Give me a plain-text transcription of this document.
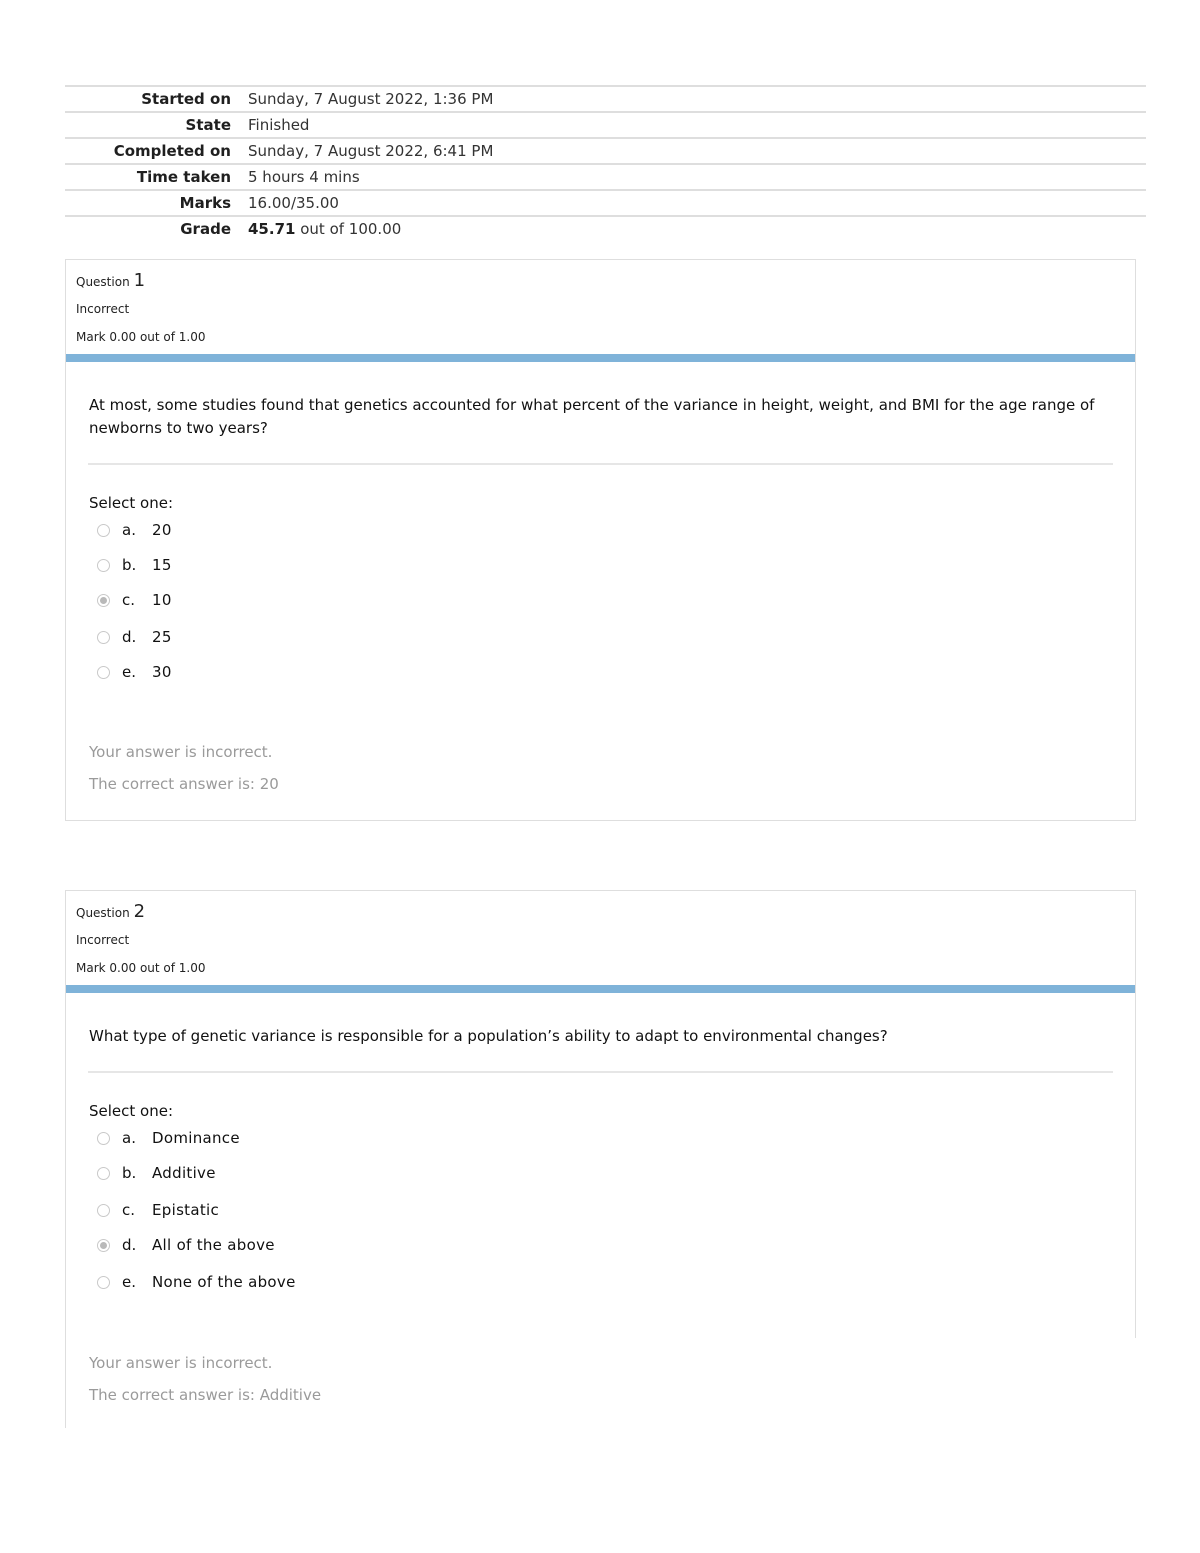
Started on Sunday, 7 August 2022, 1:36 PM
State Finished
Completed on Sunday, 7 August 2022, 6:41 PM
Time taken 5 hours 4 mins
Marks 16.00/35.00
Grade 45.71 out of 100.00
Question 1
Incorrect
Mark 0.00 out of 1.00
At most, some studies found that genetics accounted for what percent of the variance in height, weight, and BMI for the age range of newborns to two years?
Select one:
a.	20
b.	15
c.	10
d.	25
e.	30
Your answer is incorrect.
The correct answer is: 20
Question 2
Incorrect
Mark 0.00 out of 1.00
What type of genetic variance is responsible for a population’s ability to adapt to environmental changes?
Select one:
a.	Dominance
b.	Additive
c.	Epistatic
d.	All of the above
e.	None of the above
Your answer is incorrect.
The correct answer is: Additive
